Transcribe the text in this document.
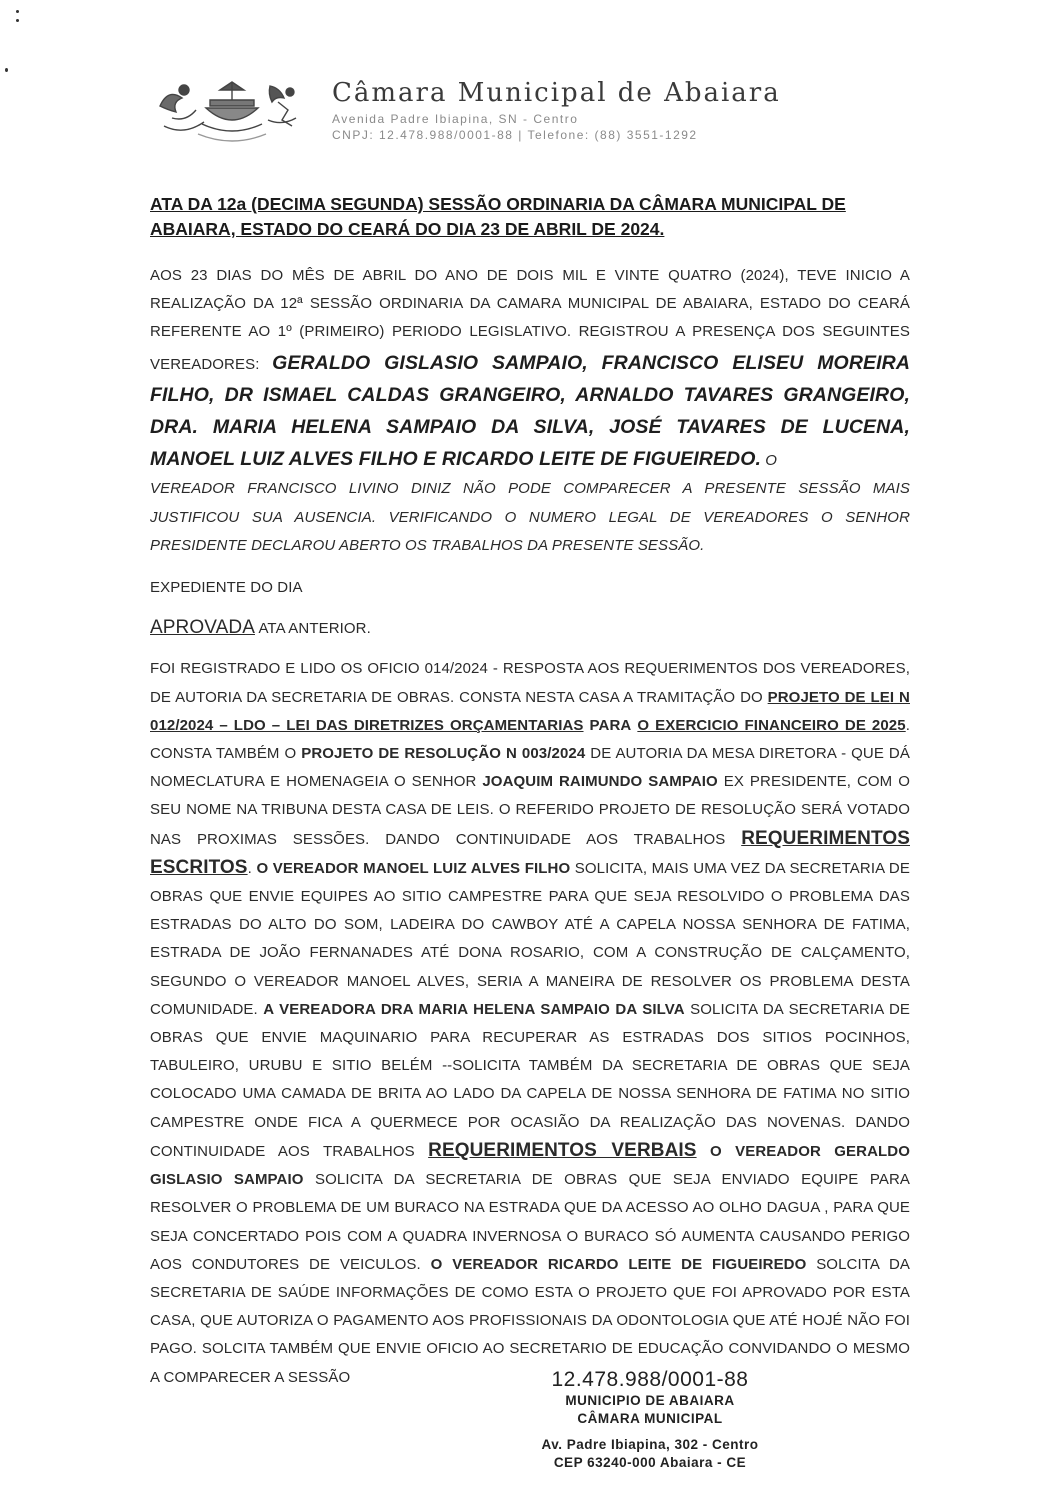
Câmara Municipal de Abaiara
Avenida Padre Ibiapina, SN - Centro
CNPJ: 12.478.988/0001-88 | Telefone: (88) 3551-1292
ATA DA 12a (DECIMA SEGUNDA) SESSÃO ORDINARIA DA CÂMARA MUNICIPAL DE ABAIARA, ESTADO DO CEARÁ DO DIA 23 DE ABRIL DE 2024.

AOS 23 DIAS DO MÊS DE ABRIL DO ANO DE DOIS MIL E VINTE QUATRO (2024), TEVE INICIO A REALIZAÇÃO DA 12ª SESSÃO ORDINARIA DA CAMARA MUNICIPAL DE ABAIARA, ESTADO DO CEARÁ REFERENTE AO 1º (PRIMEIRO) PERIODO LEGISLATIVO. REGISTROU A PRESENÇA DOS SEGUINTES VEREADORES: GERALDO GISLASIO SAMPAIO, FRANCISCO ELISEU MOREIRA FILHO, DR ISMAEL CALDAS GRANGEIRO, ARNALDO TAVARES GRANGEIRO, DRA. MARIA HELENA SAMPAIO DA SILVA, JOSÉ TAVARES DE LUCENA, MANOEL LUIZ ALVES FILHO E RICARDO LEITE DE FIGUEIREDO. O

VEREADOR FRANCISCO LIVINO DINIZ NÃO PODE COMPARECER A PRESENTE SESSÃO MAIS JUSTIFICOU SUA AUSENCIA. VERIFICANDO O NUMERO LEGAL DE VEREADORES O SENHOR PRESIDENTE DECLAROU ABERTO OS TRABALHOS DA PRESENTE SESSÃO.

EXPEDIENTE DO DIA

APROVADA ATA ANTERIOR.

FOI REGISTRADO E LIDO OS OFICIO 014/2024 - RESPOSTA AOS REQUERIMENTOS DOS VEREADORES, DE AUTORIA DA SECRETARIA DE OBRAS. CONSTA NESTA CASA A TRAMITAÇÃO DO PROJETO DE LEI N 012/2024 – LDO – LEI DAS DIRETRIZES ORÇAMENTARIAS PARA O EXERCICIO FINANCEIRO DE 2025. CONSTA TAMBÉM O PROJETO DE RESOLUÇÃO N 003/2024 DE AUTORIA DA MESA DIRETORA - QUE DÁ NOMECLATURA E HOMENAGEIA O SENHOR JOAQUIM RAIMUNDO SAMPAIO EX PRESIDENTE, COM O SEU NOME NA TRIBUNA DESTA CASA DE LEIS. O REFERIDO PROJETO DE RESOLUÇÃO SERÁ VOTADO NAS PROXIMAS SESSÕES. DANDO CONTINUIDADE AOS TRABALHOS REQUERIMENTOS ESCRITOS. O VEREADOR MANOEL LUIZ ALVES FILHO SOLICITA, MAIS UMA VEZ DA SECRETARIA DE OBRAS QUE ENVIE EQUIPES AO SITIO CAMPESTRE PARA QUE SEJA RESOLVIDO O PROBLEMA DAS ESTRADAS DO ALTO DO SOM, LADEIRA DO CAWBOY ATÉ A CAPELA NOSSA SENHORA DE FATIMA, ESTRADA DE JOÃO FERNANADES ATÉ DONA ROSARIO, COM A CONSTRUÇÃO DE CALÇAMENTO, SEGUNDO O VEREADOR MANOEL ALVES, SERIA A MANEIRA DE RESOLVER OS PROBLEMA DESTA COMUNIDADE. A VEREADORA DRA MARIA HELENA SAMPAIO DA SILVA SOLICITA DA SECRETARIA DE OBRAS QUE ENVIE MAQUINARIO PARA RECUPERAR AS ESTRADAS DOS SITIOS POCINHOS, TABULEIRO, URUBU E SITIO BELÉM --SOLICITA TAMBÉM DA SECRETARIA DE OBRAS QUE SEJA COLOCADO UMA CAMADA DE BRITA AO LADO DA CAPELA DE NOSSA SENHORA DE FATIMA NO SITIO CAMPESTRE ONDE FICA A QUERMECE POR OCASIÃO DA REALIZAÇÃO DAS NOVENAS. DANDO CONTINUIDADE AOS TRABALHOS REQUERIMENTOS VERBAIS O VEREADOR GERALDO GISLASIO SAMPAIO SOLICITA DA SECRETARIA DE OBRAS QUE SEJA ENVIADO EQUIPE PARA RESOLVER O PROBLEMA DE UM BURACO NA ESTRADA QUE DA ACESSO AO OLHO DAGUA , PARA QUE SEJA CONCERTADO POIS COM A QUADRA INVERNOSA O BURACO SÓ AUMENTA CAUSANDO PERIGO AOS CONDUTORES DE VEICULOS. O VEREADOR RICARDO LEITE DE FIGUEIREDO SOLCITA DA SECRETARIA DE SAÚDE INFORMAÇÕES DE COMO ESTA O PROJETO QUE FOI APROVADO POR ESTA CASA, QUE AUTORIZA O PAGAMENTO AOS PROFISSIONAIS DA ODONTOLOGIA QUE ATÉ HOJÉ NÃO FOI PAGO. SOLCITA TAMBÉM QUE ENVIE OFICIO AO SECRETARIO DE EDUCAÇÃO CONVIDANDO O MESMO A COMPARECER A SESSÃO	12.478.988/0001-88
MUNICIPIO DE ABAIARA
CÂMARA MUNICIPAL
Av. Padre Ibiapina, 302 - Centro
CEP 63240-000 Abaiara - CE
